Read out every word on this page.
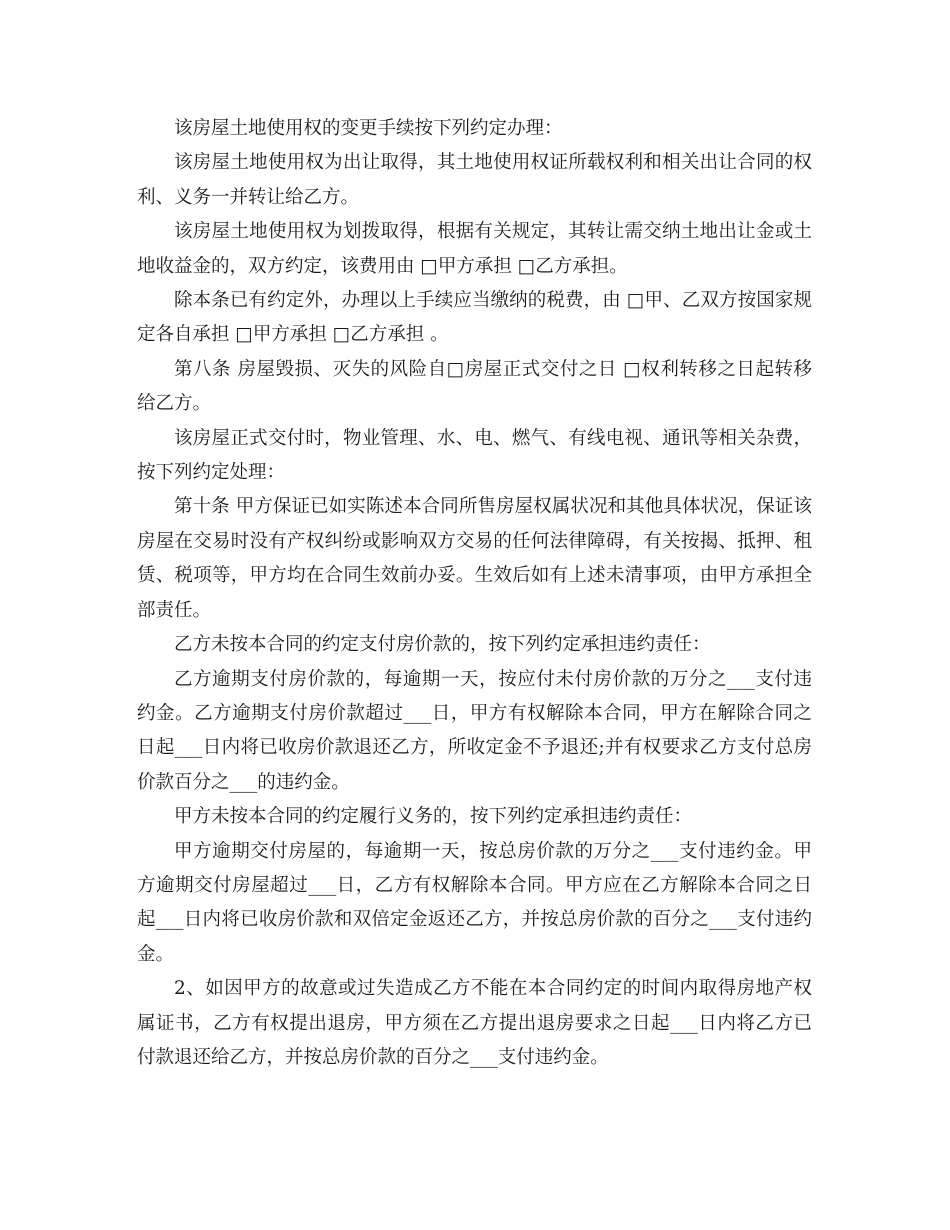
该房屋土地使用权的变更手续按下列约定办理：

该房屋土地使用权为出让取得，其土地使用权证所载权利和相关出让合同的权利、义务一并转让给乙方。

该房屋土地使用权为划拨取得，根据有关规定，其转让需交纳土地出让金或土地收益金的，双方约定，该费用由 □甲方承担 □乙方承担。

除本条已有约定外，办理以上手续应当缴纳的税费，由 □甲、乙双方按国家规定各自承担 □甲方承担 □乙方承担 。

第八条 房屋毁损、灭失的风险自□房屋正式交付之日 □权利转移之日起转移给乙方。

该房屋正式交付时，物业管理、水、电、燃气、有线电视、通讯等相关杂费，按下列约定处理：

第十条 甲方保证已如实陈述本合同所售房屋权属状况和其他具体状况，保证该房屋在交易时没有产权纠纷或影响双方交易的任何法律障碍，有关按揭、抵押、租赁、税项等，甲方均在合同生效前办妥。生效后如有上述未清事项，由甲方承担全部责任。

乙方未按本合同的约定支付房价款的，按下列约定承担违约责任：

乙方逾期支付房价款的，每逾期一天，按应付未付房价款的万分之___支付违约金。乙方逾期支付房价款超过___日，甲方有权解除本合同，甲方在解除合同之日起___日内将已收房价款退还乙方，所收定金不予退还;并有权要求乙方支付总房价款百分之___的违约金。

甲方未按本合同的约定履行义务的，按下列约定承担违约责任：

甲方逾期交付房屋的，每逾期一天，按总房价款的万分之___支付违约金。甲方逾期交付房屋超过___日，乙方有权解除本合同。甲方应在乙方解除本合同之日起___日内将已收房价款和双倍定金返还乙方，并按总房价款的百分之___支付违约金。

2、如因甲方的故意或过失造成乙方不能在本合同约定的时间内取得房地产权属证书，乙方有权提出退房，甲方须在乙方提出退房要求之日起___日内将乙方已付款退还给乙方，并按总房价款的百分之___支付违约金。
